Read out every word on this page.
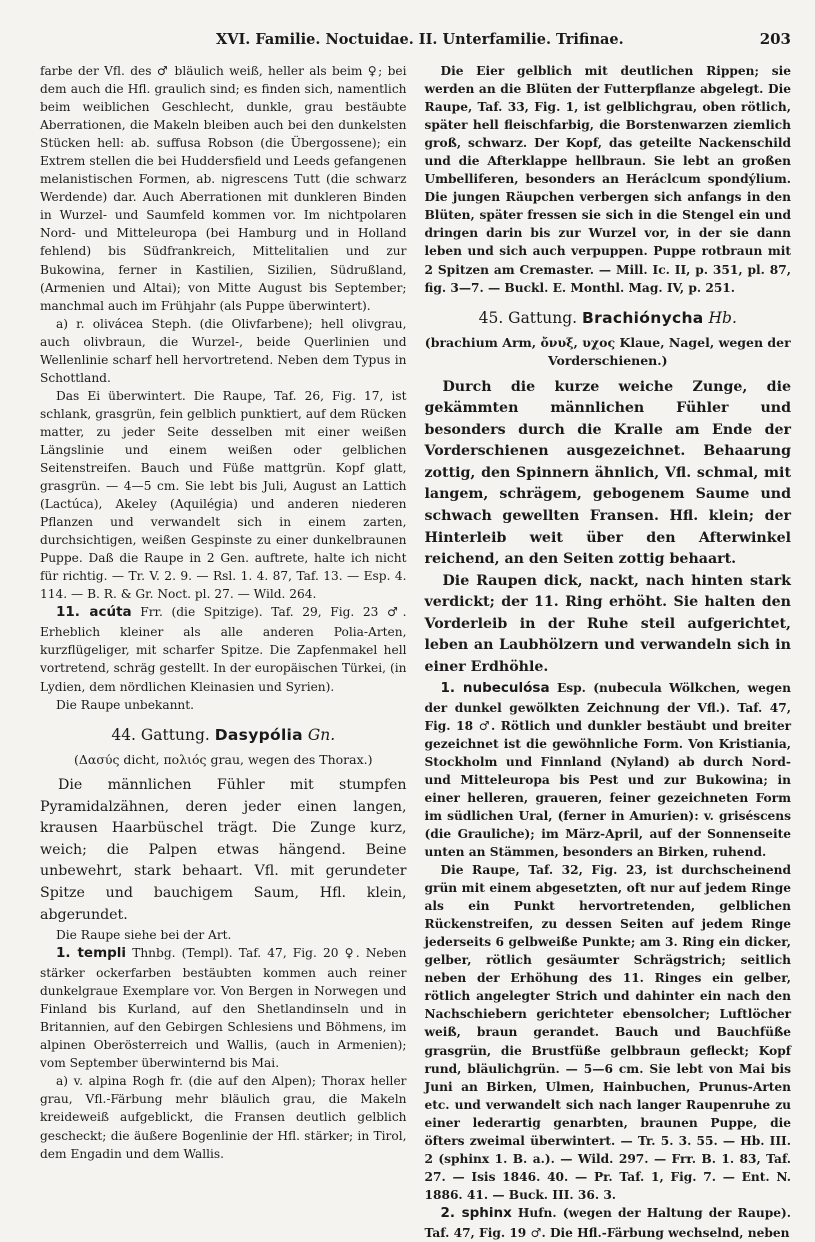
XVI. Familie. Noctuidae. II. Unterfamilie. Trifinae.	203

farbe der Vfl. des ♂ bläulich weiß, heller als beim ♀; bei dem auch die Hfl. graulich sind; es finden sich, namentlich beim weiblichen Geschlecht, dunkle, grau bestäubte Aberrationen, die Makeln bleiben auch bei den dunkelsten Stücken hell: ab. suffusa Robson (die Übergossene); ein Extrem stellen die bei Huddersfield und Leeds gefangenen melanistischen Formen, ab. nigrescens Tutt (die schwarz Werdende) dar. Auch Aberrationen mit dunkleren Binden in Wurzel- und Saumfeld kommen vor. Im nichtpolaren Nord- und Mitteleuropa (bei Hamburg und in Holland fehlend) bis Südfrankreich, Mittelitalien und zur Bukowina, ferner in Kastilien, Sizilien, Südrußland, (Armenien und Altai); von Mitte August bis September; manchmal auch im Frühjahr (als Puppe überwintert).

a) r. olivácea Steph. (die Olivfarbene); hell olivgrau, auch olivbraun, die Wurzel-, beide Querlinien und Wellenlinie scharf hell hervortretend. Neben dem Typus in Schottland.

Das Ei überwintert. Die Raupe, Taf. 26, Fig. 17, ist schlank, grasgrün, fein gelblich punktiert, auf dem Rücken matter, zu jeder Seite desselben mit einer weißen Längslinie und einem weißen oder gelblichen Seitenstreifen. Bauch und Füße mattgrün. Kopf glatt, grasgrün. — 4—5 cm. Sie lebt bis Juli, August an Lattich (Lactúca), Akeley (Aquilégia) und anderen niederen Pflanzen und verwandelt sich in einem zarten, durchsichtigen, weißen Gespinste zu einer dunkelbraunen Puppe. Daß die Raupe in 2 Gen. auftrete, halte ich nicht für richtig. — Tr. V. 2. 9. — Rsl. 1. 4. 87, Taf. 13. — Esp. 4. 114. — B. R. & Gr. Noct. pl. 27. — Wild. 264.

11. acúta Frr. (die Spitzige). Taf. 29, Fig. 23 ♂. Erheblich kleiner als alle anderen Polia-Arten, kurzflügeliger, mit scharfer Spitze. Die Zapfenmakel hell vortretend, schräg gestellt. In der europäischen Türkei, (in Lydien, dem nördlichen Kleinasien und Syrien).

Die Raupe unbekannt.

44. Gattung. Dasypólia Gn.
(Δασύς dicht, πολιός grau, wegen des Thorax.)

Die männlichen Fühler mit stumpfen Pyramidalzähnen, deren jeder einen langen, krausen Haarbüschel trägt. Die Zunge kurz, weich; die Palpen etwas hängend. Beine unbewehrt, stark behaart. Vfl. mit gerundeter Spitze und bauchigem Saum, Hfl. klein, abgerundet.

Die Raupe siehe bei der Art.

1. templi Thnbg. (Templ). Taf. 47, Fig. 20 ♀. Neben stärker ockerfarben bestäubten kommen auch reiner dunkelgraue Exemplare vor. Von Bergen in Norwegen und Finland bis Kurland, auf den Shetlandinseln und in Britannien, auf den Gebirgen Schlesiens und Böhmens, im alpinen Oberösterreich und Wallis, (auch in Armenien); vom September überwinternd bis Mai.

a) v. alpina Rogh fr. (die auf den Alpen); Thorax heller grau, Vfl.-Färbung mehr bläulich grau, die Makeln kreideweiß aufgeblickt, die Fransen deutlich gelblich gescheckt; die äußere Bogenlinie der Hfl. stärker; in Tirol, dem Engadin und dem Wallis.

Die Eier gelblich mit deutlichen Rippen; sie werden an die Blüten der Futterpflanze abgelegt. Die Raupe, Taf. 33, Fig. 1, ist gelblichgrau, oben rötlich, später hell fleischfarbig, die Borstenwarzen ziemlich groß, schwarz. Der Kopf, das geteilte Nackenschild und die Afterklappe hellbraun. Sie lebt an großen Umbelliferen, besonders an Heráclcum spondýlium. Die jungen Räupchen verbergen sich anfangs in den Blüten, später fressen sie sich in die Stengel ein und dringen darin bis zur Wurzel vor, in der sie dann leben und sich auch verpuppen. Puppe rotbraun mit 2 Spitzen am Cremaster. — Mill. Ic. II, p. 351, pl. 87, fig. 3—7. — Buckl. E. Monthl. Mag. IV, p. 251.

45. Gattung. Brachiónycha Hb.
(brachium Arm, ὄνυξ, υχος Klaue, Nagel, wegen der Vorderschienen.)

Durch die kurze weiche Zunge, die gekämmten männlichen Fühler und besonders durch die Kralle am Ende der Vorderschienen ausgezeichnet. Behaarung zottig, den Spinnern ähnlich, Vfl. schmal, mit langem, schrägem, gebogenem Saume und schwach gewellten Fransen. Hfl. klein; der Hinterleib weit über den Afterwinkel reichend, an den Seiten zottig behaart.

Die Raupen dick, nackt, nach hinten stark verdickt; der 11. Ring erhöht. Sie halten den Vorderleib in der Ruhe steil aufgerichtet, leben an Laubhölzern und verwandeln sich in einer Erdhöhle.

1. nubeculósa Esp. (nubecula Wölkchen, wegen der dunkel gewölkten Zeichnung der Vfl.). Taf. 47, Fig. 18 ♂. Rötlich und dunkler bestäubt und breiter gezeichnet ist die gewöhnliche Form. Von Kristiania, Stockholm und Finnland (Nyland) ab durch Nord- und Mitteleuropa bis Pest und zur Bukowina; in einer helleren, graueren, feiner gezeichneten Form im südlichen Ural, (ferner in Amurien): v. griséscens (die Grauliche); im März-April, auf der Sonnenseite unten an Stämmen, besonders an Birken, ruhend.

Die Raupe, Taf. 32, Fig. 23, ist durchscheinend grün mit einem abgesetzten, oft nur auf jedem Ringe als ein Punkt hervortretenden, gelblichen Rückenstreifen, zu dessen Seiten auf jedem Ringe jederseits 6 gelbweiße Punkte; am 3. Ring ein dicker, gelber, rötlich gesäumter Schrägstrich; seitlich neben der Erhöhung des 11. Ringes ein gelber, rötlich angelegter Strich und dahinter ein nach den Nachschiebern gerichteter ebensolcher; Luftlöcher weiß, braun gerandet. Bauch und Bauchfüße grasgrün, die Brustfüße gelbbraun gefleckt; Kopf rund, bläulichgrün. — 5—6 cm. Sie lebt von Mai bis Juni an Birken, Ulmen, Hainbuchen, Prunus-Arten etc. und verwandelt sich nach langer Raupenruhe zu einer lederartig genarbten, braunen Puppe, die öfters zweimal überwintert. — Tr. 5. 3. 55. — Hb. III. 2 (sphinx 1. B. a.). — Wild. 297. — Frr. B. 1. 83, Taf. 27. — Isis 1846. 40. — Pr. Taf. 1, Fig. 7. — Ent. N. 1886. 41. — Buck. III. 36. 3.

2. sphinx Hufn. (wegen der Haltung der Raupe). Taf. 47, Fig. 19 ♂. Die Hfl.-Färbung wechselnd, neben
